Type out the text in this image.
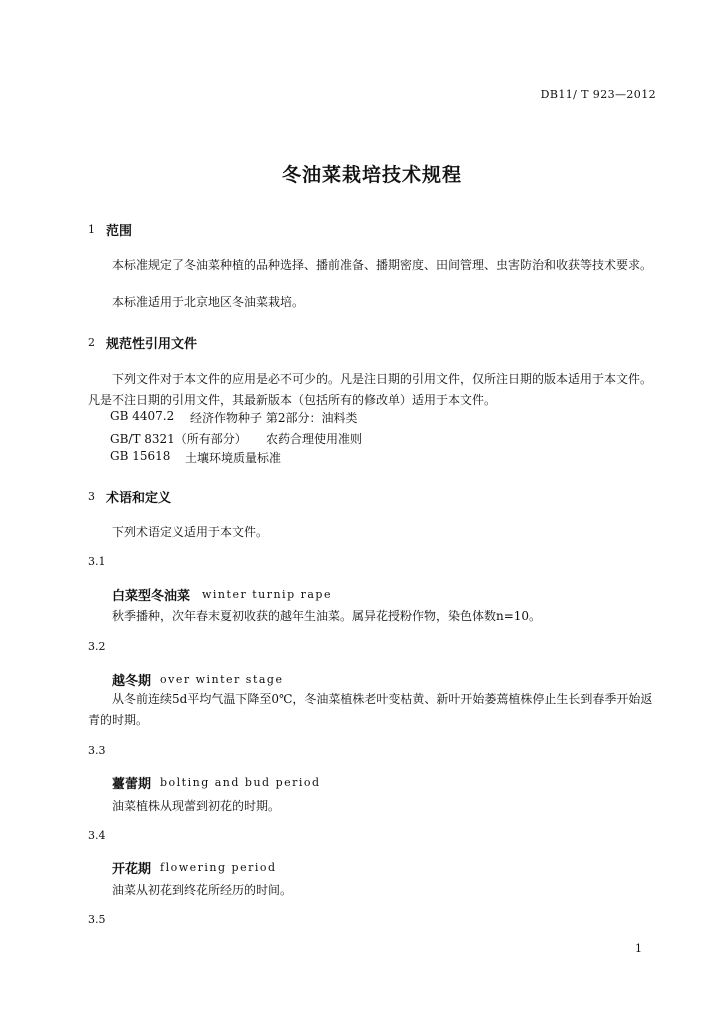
DB11/ T 923—2012
冬油菜栽培技术规程
1 范围
本标准规定了冬油菜种植的品种选择、播前准备、播期密度、田间管理、虫害防治和收获等技术要求。
本标准适用于北京地区冬油菜栽培。
2 规范性引用文件
下列文件对于本文件的应用是必不可少的。凡是注日期的引用文件，仅所注日期的版本适用于本文件。凡是不注日期的引用文件，其最新版本（包括所有的修改单）适用于本文件。
GB 4407.2 经济作物种子 第2部分：油料类
GB/T 8321（所有部分） 农药合理使用准则
GB 15618 土壤环境质量标准
3 术语和定义
下列术语定义适用于本文件。
3.1
白菜型冬油菜 winter turnip rape
秋季播种，次年春末夏初收获的越年生油菜。属异花授粉作物，染色体数n=10。
3.2
越冬期 over winter stage
从冬前连续5d平均气温下降至0℃，冬油菜植株老叶变枯黄、新叶开始萎蔫植株停止生长到春季开始返青的时期。
3.3
薹蕾期 bolting and bud period
油菜植株从现蕾到初花的时期。
3.4
开花期 flowering period
油菜从初花到终花所经历的时间。
3.5
1
